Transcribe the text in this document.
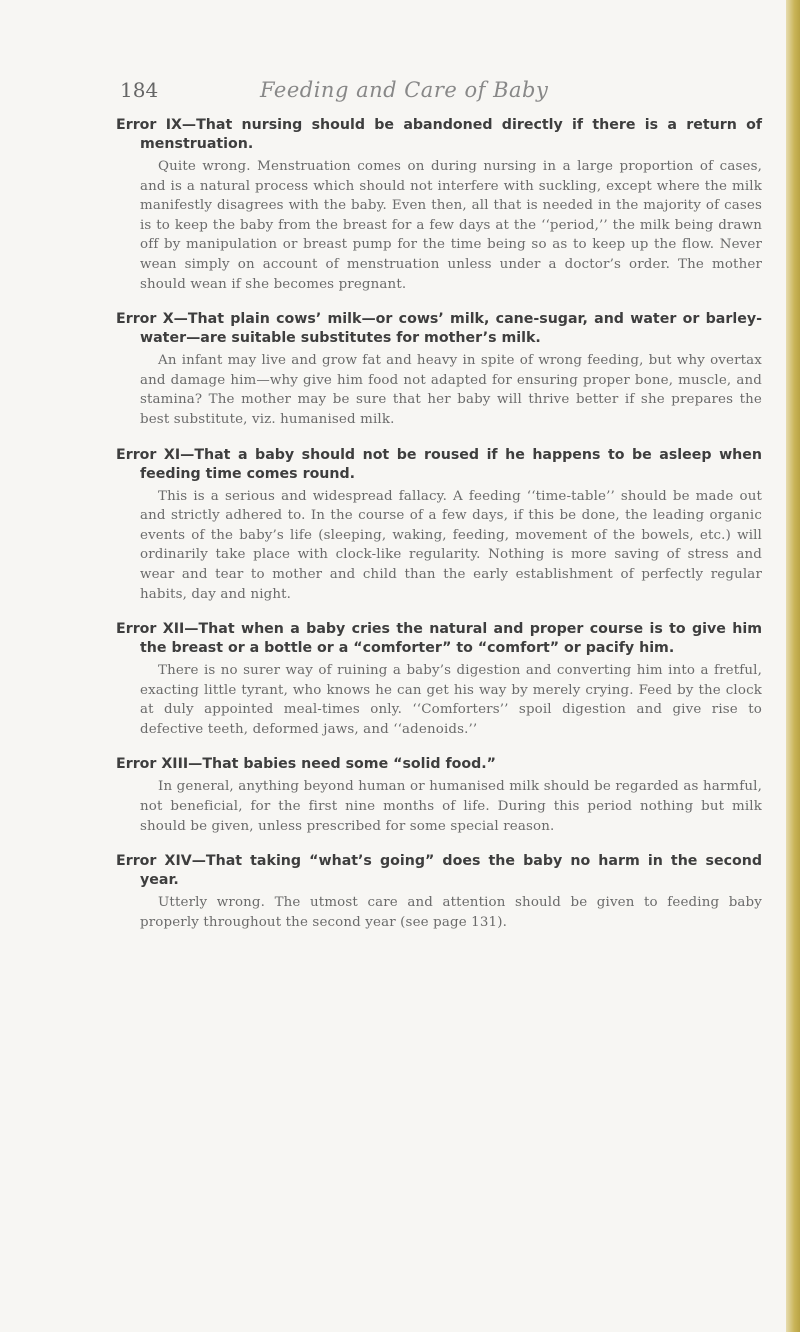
184	Feeding and Care of Baby

Error IX—That nursing should be abandoned directly if there is a return of menstruation.

Quite wrong. Menstruation comes on during nursing in a large proportion of cases, and is a natural process which should not interfere with suckling, except where the milk manifestly disagrees with the baby. Even then, all that is needed in the majority of cases is to keep the baby from the breast for a few days at the ‘‘period,’’ the milk being drawn off by manipulation or breast pump for the time being so as to keep up the flow. Never wean simply on account of menstruation unless under a doctor’s order. The mother should wean if she becomes pregnant.

Error X—That plain cows’ milk—or cows’ milk, cane-sugar, and water or barley-water—are suitable substitutes for mother’s milk.

An infant may live and grow fat and heavy in spite of wrong feeding, but why overtax and damage him—why give him food not adapted for ensuring proper bone, muscle, and stamina? The mother may be sure that her baby will thrive better if she prepares the best substitute, viz. humanised milk.

Error XI—That a baby should not be roused if he happens to be asleep when feeding time comes round.

This is a serious and widespread fallacy. A feeding ‘‘time-table’’ should be made out and strictly adhered to. In the course of a few days, if this be done, the leading organic events of the baby’s life (sleeping, waking, feeding, movement of the bowels, etc.) will ordinarily take place with clock-like regularity. Nothing is more saving of stress and wear and tear to mother and child than the early establishment of perfectly regular habits, day and night.

Error XII—That when a baby cries the natural and proper course is to give him the breast or a bottle or a “comforter” to “comfort” or pacify him.

There is no surer way of ruining a baby’s digestion and converting him into a fretful, exacting little tyrant, who knows he can get his way by merely crying. Feed by the clock at duly appointed meal-times only. ‘‘Comforters’’ spoil digestion and give rise to defective teeth, deformed jaws, and ‘‘adenoids.’’

Error XIII—That babies need some “solid food.”

In general, anything beyond human or humanised milk should be regarded as harmful, not beneficial, for the first nine months of life. During this period nothing but milk should be given, unless prescribed for some special reason.

Error XIV—That taking “what’s going” does the baby no harm in the second year.

Utterly wrong. The utmost care and attention should be given to feeding baby properly throughout the second year (see page 131).
